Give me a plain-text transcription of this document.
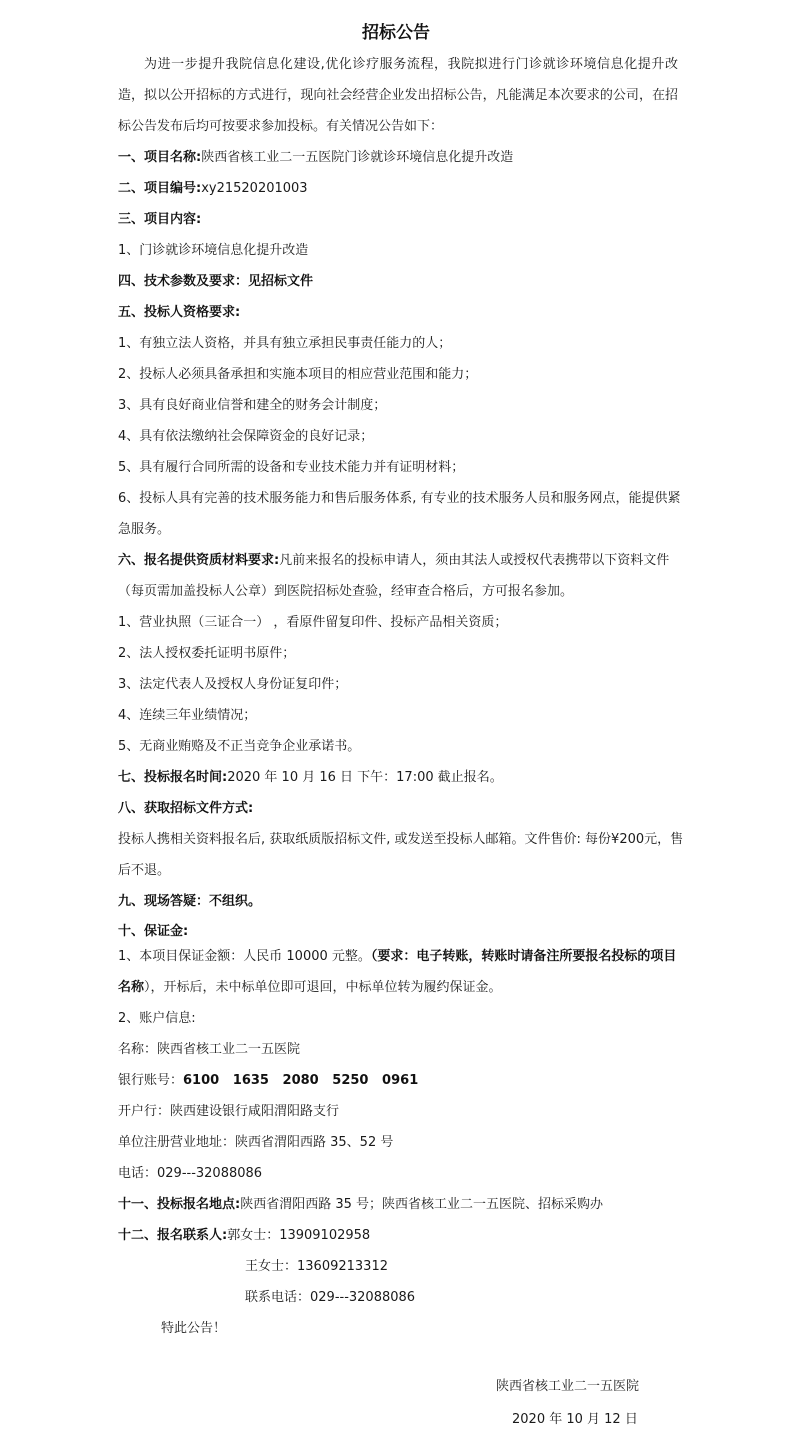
招标公告
为进一步提升我院信息化建设,优化诊疗服务流程，我院拟进行门诊就诊环境信息化提升改造，拟以公开招标的方式进行，现向社会经营企业发出招标公告，凡能满足本次要求的公司，在招标公告发布后均可按要求参加投标。有关情况公告如下：

一、项目名称:陕西省核工业二一五医院门诊就诊环境信息化提升改造

二、项目编号:xy21520201003

三、项目内容:

1、门诊就诊环境信息化提升改造

四、技术参数及要求：见招标文件

五、投标人资格要求:

1、有独立法人资格，并具有独立承担民事责任能力的人；

2、投标人必须具备承担和实施本项目的相应营业范围和能力；

3、具有良好商业信誉和建全的财务会计制度；

4、具有依法缴纳社会保障资金的良好记录；

5、具有履行合同所需的设备和专业技术能力并有证明材料；

6、投标人具有完善的技术服务能力和售后服务体系, 有专业的技术服务人员和服务网点，能提供紧急服务。

六、报名提供资质材料要求:凡前来报名的投标申请人，须由其法人或授权代表携带以下资料文件（每页需加盖投标人公章）到医院招标处查验，经审查合格后，方可报名参加。

1、营业执照（三证合一） ，看原件留复印件、投标产品相关资质；

2、法人授权委托证明书原件；

3、法定代表人及授权人身份证复印件；

4、连续三年业绩情况；

5、无商业贿赂及不正当竞争企业承诺书。

七、投标报名时间:2020 年 10 月 16 日 下午：17:00 截止报名。

八、获取招标文件方式:

投标人携相关资料报名后, 获取纸质版招标文件, 或发送至投标人邮箱。文件售价: 每份¥200元，售后不退。

九、现场答疑：不组织。

十、保证金:

1、本项目保证金额：人民币 10000 元整。（要求：电子转账，转账时请备注所要报名投标的项目名称），开标后，未中标单位即可退回，中标单位转为履约保证金。

2、账户信息:

名称：陕西省核工业二一五医院

银行账号：6100   1635   2080   5250   0961

开户行：陕西建设银行咸阳渭阳路支行

单位注册营业地址：陕西省渭阳西路 35、52 号

电话：029---32088086

十一、投标报名地点:陕西省渭阳西路 35 号；陕西省核工业二一五医院、招标采购办

十二、报名联系人:郭女士：13909102958

王女士：13609213312

联系电话：029---32088086

特此公告！

陕西省核工业二一五医院
2020 年 10 月 12 日
